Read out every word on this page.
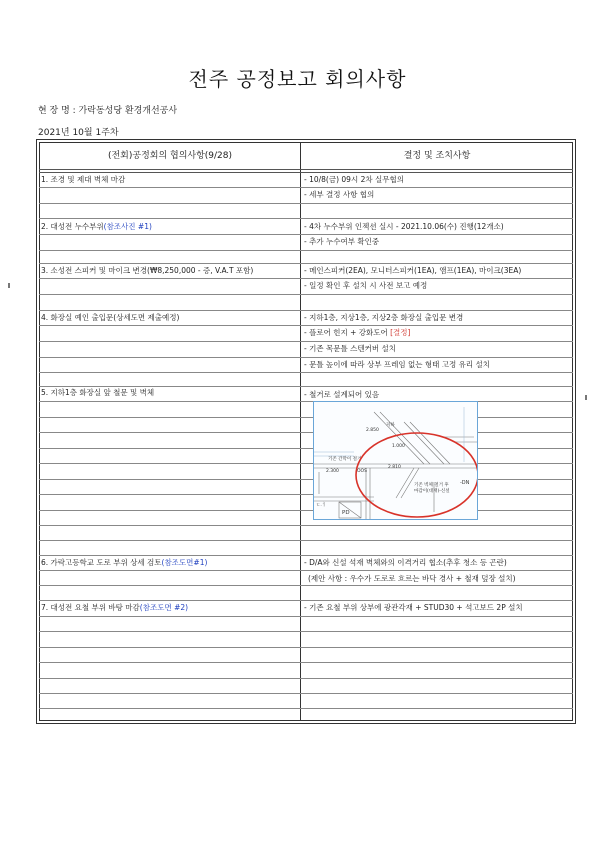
전주 공정보고 회의사항
현 장 명 : 가락동성당 환경개선공사
2021년 10월 1주차
(전회)공정회의 협의사항(9/28)	결정 및 조치사항
1. 조경 및 제대 벽체 마감	- 10/8(금) 09시 2차 실무협의
- 세부 결정 사항 협의
2. 대성전 누수부위(참조사진 #1)	- 4차 누수부위 인젝션 실시 - 2021.10.06(수) 진행(12개소)
- 추가 누수여부 확인중
3. 소성전 스피커 및 마이크 변경(₩8,250,000 - 증, V.A.T 포함)	- 메인스피커(2EA), 모니터스피커(1EA), 앰프(1EA), 마이크(3EA)
- 일정 확인 후 설치 시 사전 보고 예정
4. 화장실 예인 출입문(상세도면 제출예정)	- 지하1층, 지상1층, 지상2층 화장실 출입문 변경
- 플로어 힌지 + 강화도어 [결정]
- 기존 목문틀 스텐커버 설치
- 문틀 높이에 따라 상부 프레임 없는 형태 고정 유리 설치
5. 지하1층 화장실 앞 철문 및 벽체	- 철거로 설계되어 있음
2.850
기존 간막이 철거
2.300	OOS
1.000
2.810
기존 벽체 철거 후
마감이(대재)-신설
-DN
PD
지하
ㄷ.ㅓ
6. 가락고등학교 도로 부위 상세 검토(참조도면#1)	- D/A와 신설 석재 벽체와의 이격거리 협소(추후 청소 등 곤란)
(제안 사항 : 우수가 도로로 흐르는 바닥 경사 + 철재 덮장 설치)
7. 대성전 요철 부위 바탕 마감(참조도면 #2)	- 기존 요철 부위 상부에 광관각재 + STUD30 + 석고보드 2P 설치
